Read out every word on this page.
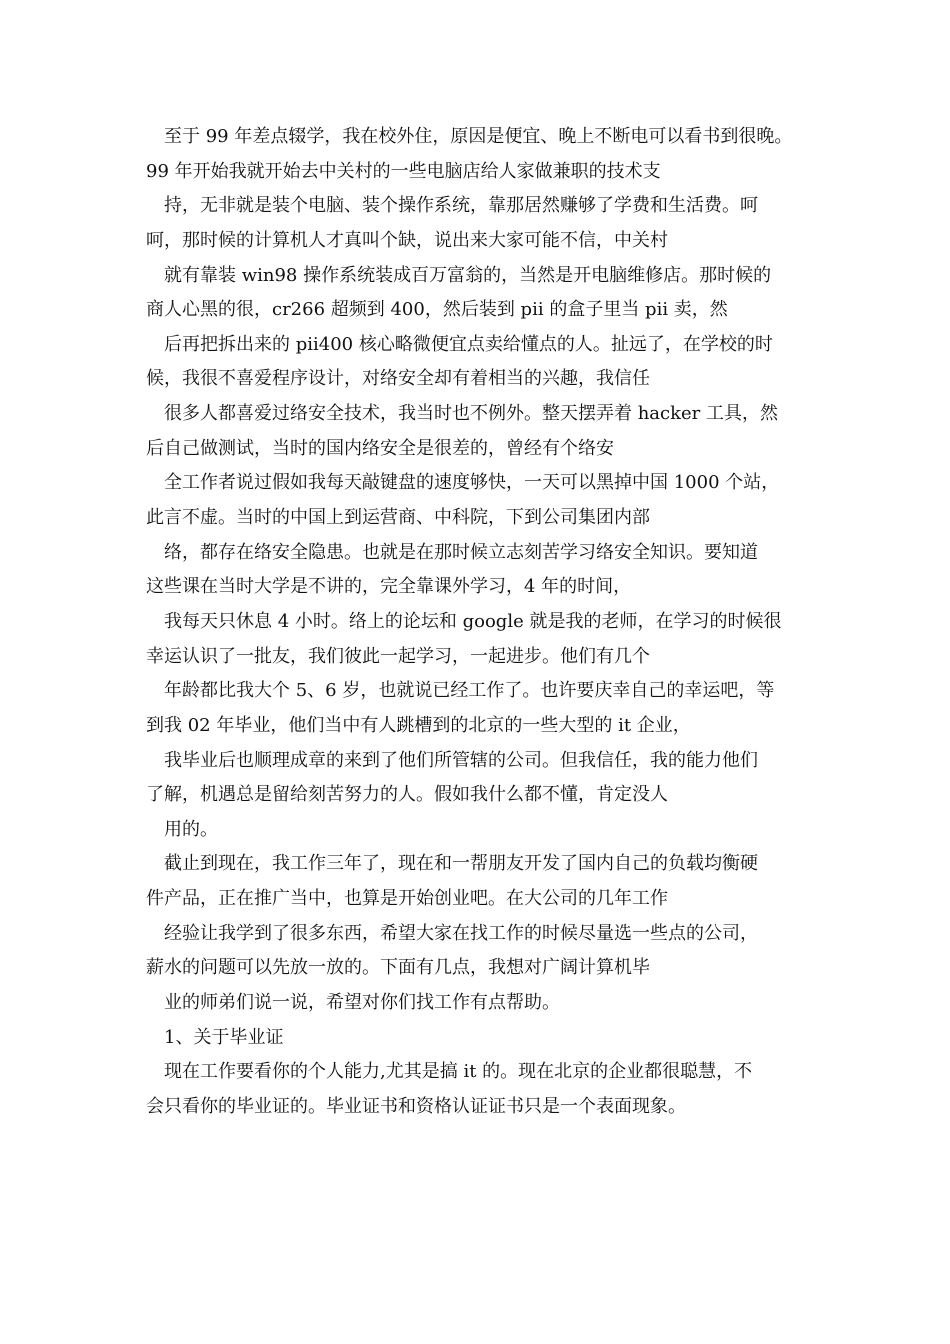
至于 99 年差点辍学，我在校外住，原因是便宜、晚上不断电可以看书到很晚。
99 年开始我就开始去中关村的一些电脑店给人家做兼职的技术支
持，无非就是装个电脑、装个操作系统，靠那居然赚够了学费和生活费。呵
呵，那时候的计算机人才真叫个缺，说出来大家可能不信，中关村
就有靠装 win98 操作系统装成百万富翁的，当然是开电脑维修店。那时候的
商人心黑的很，cr266 超频到 400，然后装到 pii 的盒子里当 pii 卖，然
后再把拆出来的 pii400 核心略微便宜点卖给懂点的人。扯远了，在学校的时
候，我很不喜爱程序设计，对络安全却有着相当的兴趣，我信任
很多人都喜爱过络安全技术，我当时也不例外。整天摆弄着 hacker 工具，然
后自己做测试，当时的国内络安全是很差的，曾经有个络安
全工作者说过假如我每天敲键盘的速度够快，一天可以黑掉中国 1000 个站，
此言不虚。当时的中国上到运营商、中科院，下到公司集团内部
络，都存在络安全隐患。也就是在那时候立志刻苦学习络安全知识。要知道
这些课在当时大学是不讲的，完全靠课外学习，4 年的时间，
我每天只休息 4 小时。络上的论坛和 google 就是我的老师，在学习的时候很
幸运认识了一批友，我们彼此一起学习，一起进步。他们有几个
年龄都比我大个 5、6 岁，也就说已经工作了。也许要庆幸自己的幸运吧，等
到我 02 年毕业，他们当中有人跳槽到的北京的一些大型的 it 企业，
我毕业后也顺理成章的来到了他们所管辖的公司。但我信任，我的能力他们
了解，机遇总是留给刻苦努力的人。假如我什么都不懂，肯定没人
用的。
截止到现在，我工作三年了，现在和一帮朋友开发了国内自己的负载均衡硬
件产品，正在推广当中，也算是开始创业吧。在大公司的几年工作
经验让我学到了很多东西，希望大家在找工作的时候尽量选一些点的公司，
薪水的问题可以先放一放的。下面有几点，我想对广阔计算机毕
业的师弟们说一说，希望对你们找工作有点帮助。
1、关于毕业证
现在工作要看你的个人能力,尤其是搞 it 的。现在北京的企业都很聪慧，不
会只看你的毕业证的。毕业证书和资格认证证书只是一个表面现象。
